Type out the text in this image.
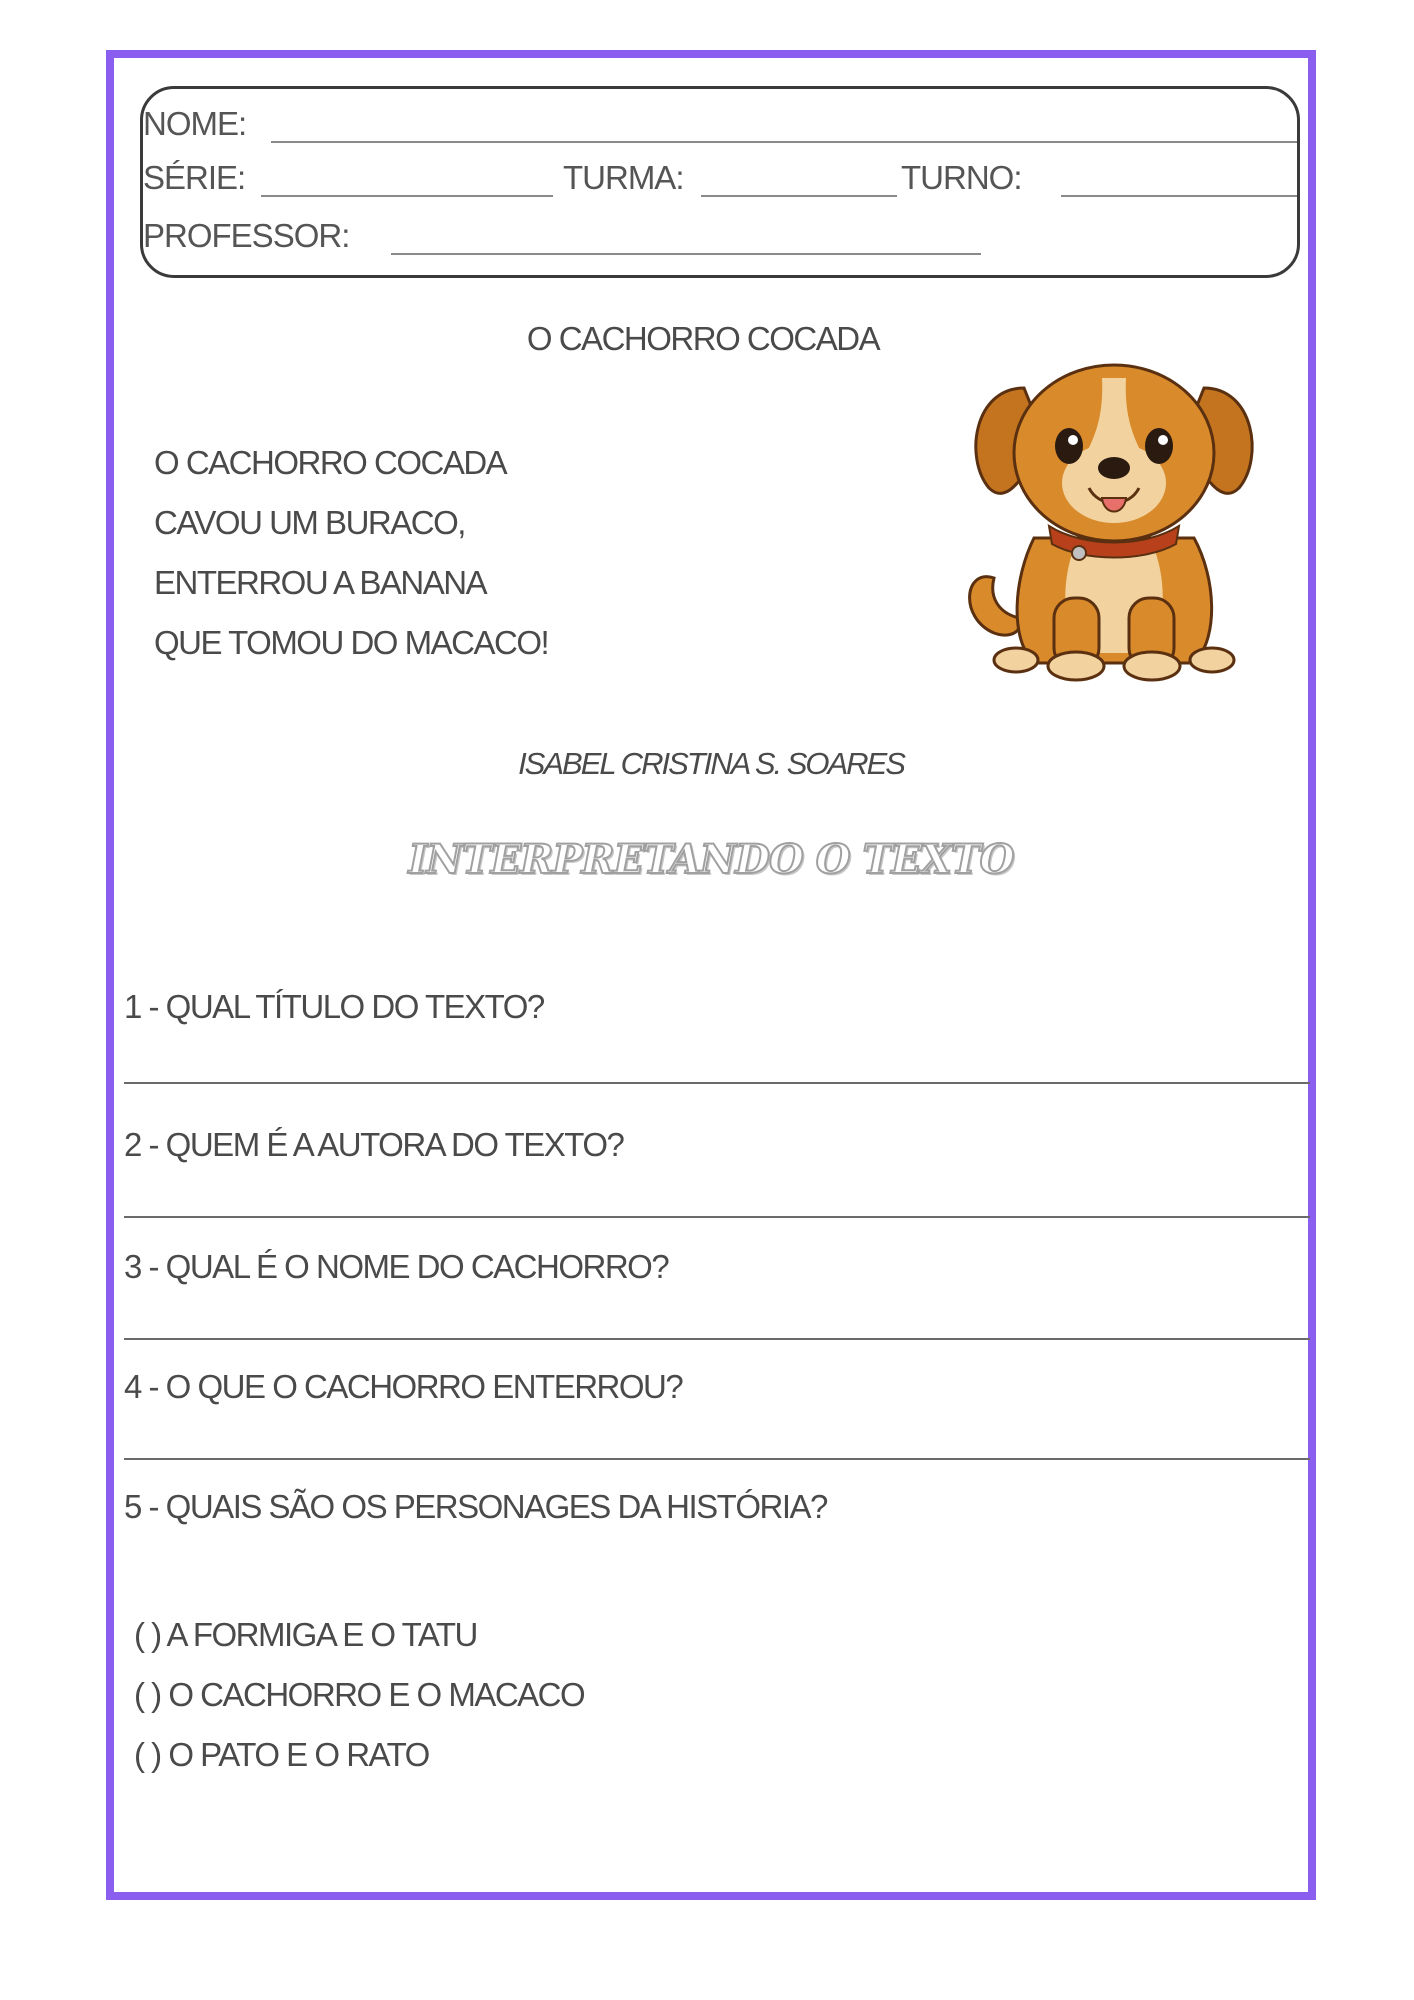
NOME:
SÉRIE:	TURMA:	TURNO:
PROFESSOR:
O CACHORRO COCADA
O CACHORRO COCADA
CAVOU UM BURACO,
ENTERROU A BANANA
QUE TOMOU DO MACACO!
ISABEL CRISTINA S. SOARES
INTERPRETANDO O TEXTO
1 - QUAL TÍTULO DO TEXTO?
2 - QUEM É A AUTORA DO TEXTO?
3 - QUAL É O NOME DO CACHORRO?
4 - O QUE O CACHORRO ENTERROU?
5 - QUAIS SÃO OS PERSONAGES DA HISTÓRIA?
( ) A FORMIGA E O TATU
( ) O CACHORRO E O MACACO
( ) O PATO E O RATO
